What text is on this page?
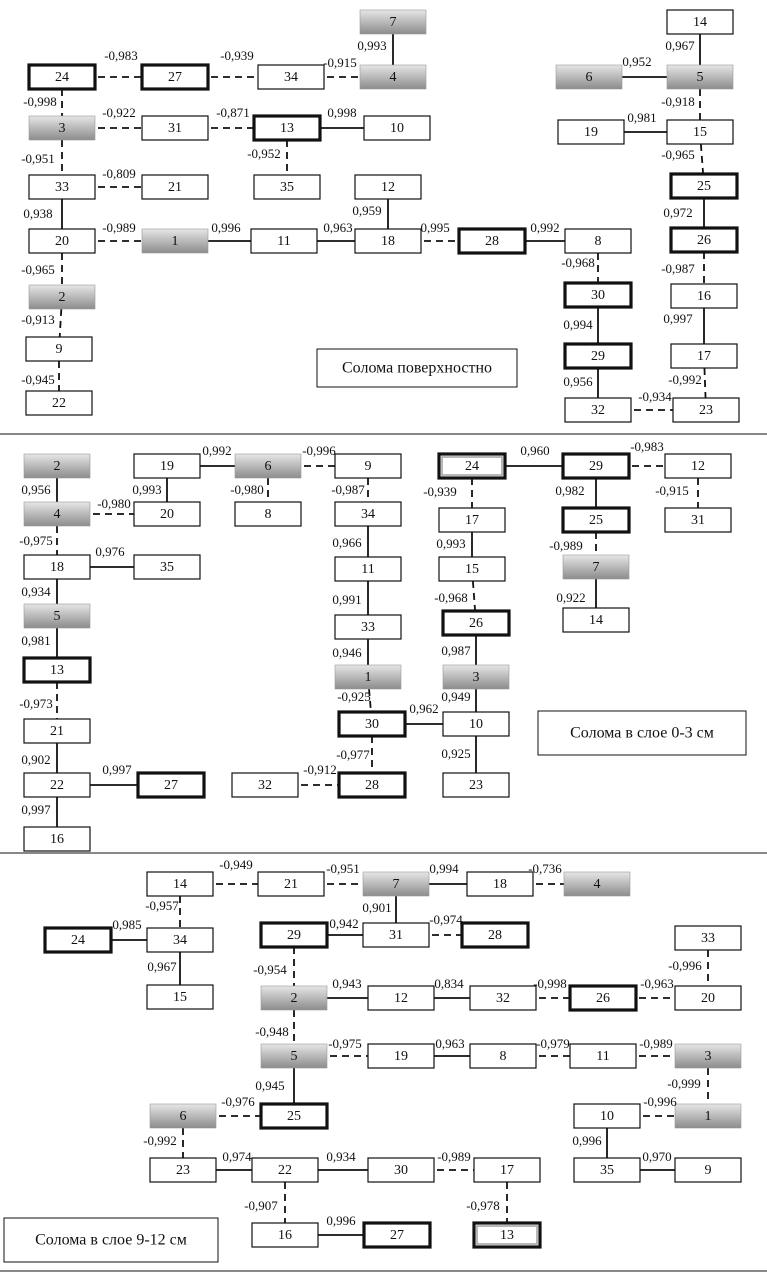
7
24	27	34	4
3	31	13	10
33	21	35	12
20	1	11	18	28	8
2
9
22
30
29
32	23
14
6	5
19	15
25
26
16
17
2	19	6	9	24	29	12
4	20	8	34	17	25	31
18	35	11	15	7
5	26	14
33
13	1	3
30	10
21
22	27	32	28	23
16
14	21	7	18	4
24	34	29	31	28	33
15	2	12	32	26	20
5	19	8	11	3
6	25	10	1
23	22	30	17	35	9
16	27	13
0,993
-0,983	-0,939	-0,915
-0,998
-0,922	-0,871	0,998
-0,952
-0,951
-0,809
0,938
-0,989	0,996	0,963
0,959
-0,995	0,992
-0,965
-0,913
-0,945
-0,968
0,994
0,956
-0,934
-0,992
0,967
0,952
-0,918
0,981
-0,965
0,972
-0,987
0,997
0,992	-0,996	0,960	-0,983
0,956	0,993
-0,980
-0,980	-0,987	-0,939	0,982	-0,915
-0,975
0,976
0,966	0,993	-0,989
0,934
0,991	-0,968	0,922
0,981
0,946	0,987
-0,925	0,949
0,962
-0,973
-0,977
-0,912
0,925
0,902
0,997
0,997
-0,949	-0,951	0,994	-0,736
-0,957
0,985
0,901
0,942	-0,974
0,967	-0,996
-0,954
0,943	0,834	-0,998	-0,963
-0,948
-0,975	0,963	-0,979	-0,989
0,945
-0,976
-0,999
-0,996
-0,992
0,974	0,934	-0,989
0,996
0,970
-0,907
0,996
-0,978
Солома поверхностно
Солома в слое 0-3 см
Солома в слое 9-12 см
